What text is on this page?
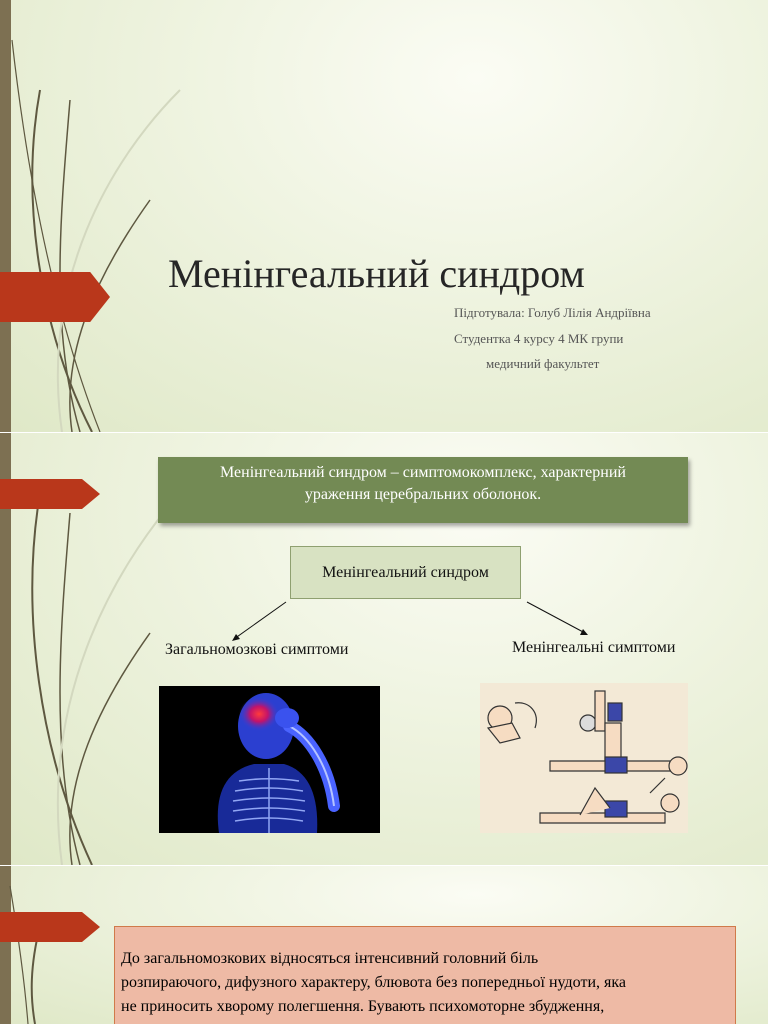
Менінгеальний синдром
Підготувала: Голуб Лілія Андріївна
Студентка 4 курсу 4 МК групи
медичний факультет
Менінгеальний синдром – симптомокомплекс, характерний
ураження церебральних оболонок.
Менінгеальний синдром
Загальномозкові симптоми	Менінгеальні симптоми
До загальномозкових відносяться інтенсивний головний біль
розпираючого, дифузного характеру, блювота без попередньої нудоти, яка
не приносить хворому полегшення. Бувають психомоторне збудження,
